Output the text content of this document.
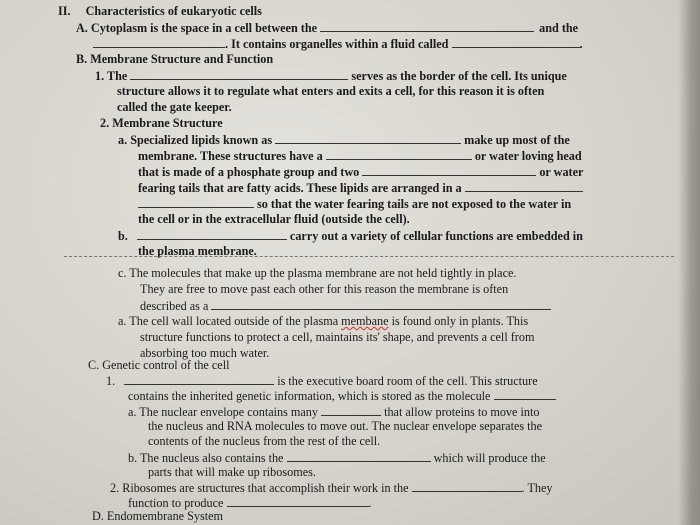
II. Characteristics of eukaryotic cells
A. Cytoplasm is the space in a cell between the	and the
. It contains organelles within a fluid called	.
B. Membrane Structure and Function
1. The	serves as the border of the cell. Its unique
structure allows it to regulate what enters and exits a cell, for this reason it is often
called the gate keeper.
2. Membrane Structure
a. Specialized lipids known as	make up most of the
membrane. These structures have a	or water loving head
that is made of a phosphate group and two	or water
fearing tails that are fatty acids. These lipids are arranged in a
so that the water fearing tails are not exposed to the water in
the cell or in the extracellular fluid (outside the cell).
b.	carry out a variety of cellular functions are embedded in
the plasma membrane.
c. The molecules that make up the plasma membrane are not held tightly in place.
They are free to move past each other for this reason the membrane is often
described as a
a. The cell wall located outside of the plasma membane is found only in plants. This
structure functions to protect a cell, maintains its' shape, and prevents a cell from
absorbing too much water.
C. Genetic control of the cell
1.	is the executive board room of the cell. This structure
contains the inherited genetic information, which is stored as the molecule
a. The nuclear envelope contains many	that allow proteins to move into
the nucleus and RNA molecules to move out. The nuclear envelope separates the
contents of the nucleus from the rest of the cell.
b. The nucleus also contains the	which will produce the
parts that will make up ribosomes.
2. Ribosomes are structures that accomplish their work in the	. They
function to produce	.
D. Endomembrane System
